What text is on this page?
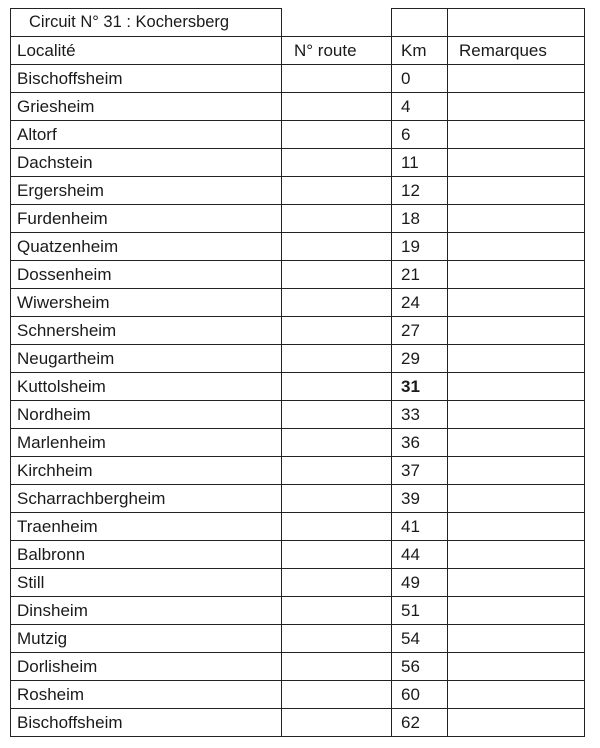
Circuit N° 31 : Kochersberg			
Localité	N° route	Km	Remarques
Bischoffsheim		0	
Griesheim		4	
Altorf		6	
Dachstein		11	
Ergersheim		12	
Furdenheim		18	
Quatzenheim		19	
Dossenheim		21	
Wiwersheim		24	
Schnersheim		27	
Neugartheim		29	
Kuttolsheim		31	
Nordheim		33	
Marlenheim		36	
Kirchheim		37	
Scharrachbergheim		39	
Traenheim		41	
Balbronn		44	
Still		49	
Dinsheim		51	
Mutzig		54	
Dorlisheim		56	
Rosheim		60	
Bischoffsheim		62	
